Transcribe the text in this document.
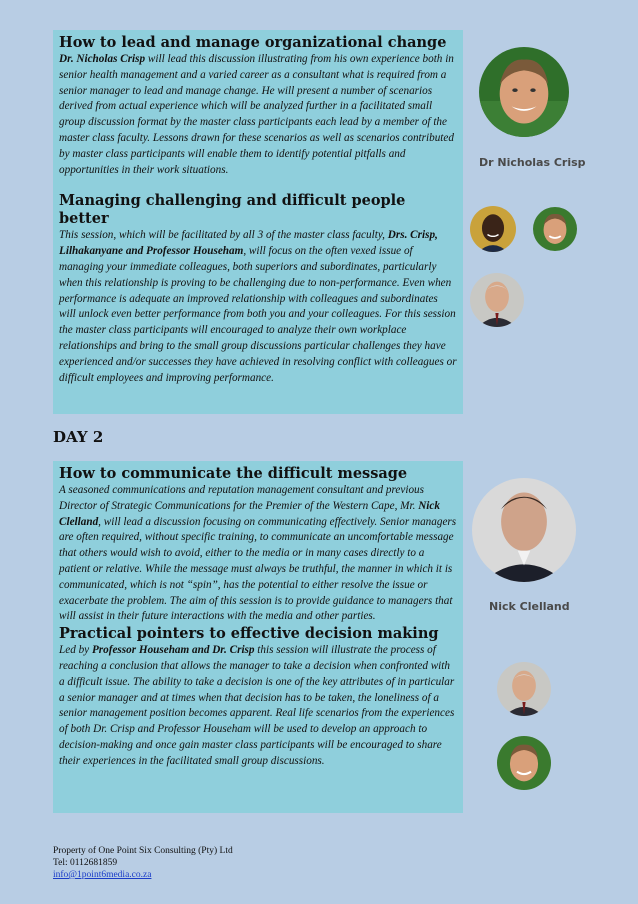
How to lead and manage organizational change

Dr. Nicholas Crisp will lead this discussion illustrating from his own experience both in senior health management and a varied career as a consultant what is required from a senior manager to lead and manage change. He will present a number of scenarios derived from actual experience which will be analyzed further in a facilitated small group discussion format by the master class participants each lead by a member of the master class faculty. Lessons drawn for these scenarios as well as scenarios contributed by master class participants will enable them to identify potential pitfalls and opportunities in their work situations.

Managing challenging and difficult people better

This session, which will be facilitated by all 3 of the master class faculty, Drs. Crisp, Lilhakanyane and Professor Househam, will focus on the often vexed issue of managing your immediate colleagues, both superiors and subordinates, particularly when this relationship is proving to be challenging due to non-performance. Even when performance is adequate an improved relationship with colleagues and subordinates will unlock even better performance from both you and your colleagues. For this session the master class participants will encouraged to analyze their own workplace relationships and bring to the small group discussions particular challenges they have experienced and/or successes they have achieved in resolving conflict with colleagues or difficult employees and improving performance.

DAY 2
How to communicate the difficult message

A seasoned communications and reputation management consultant and previous Director of Strategic Communications for the Premier of the Western Cape, Mr. Nick Clelland, will lead a discussion focusing on communicating effectively. Senior managers are often required, without specific training, to communicate an uncomfortable message that others would wish to avoid, either to the media or in many cases directly to a patient or relative. While the message must always be truthful, the manner in which it is communicated, which is not “spin”, has the potential to either resolve the issue or exacerbate the problem. The aim of this session is to provide guidance to managers that will assist in their future interactions with the media and other parties.

Practical pointers to effective decision making

Led by Professor Househam and Dr. Crisp this session will illustrate the process of reaching a conclusion that allows the manager to take a decision when confronted with a difficult issue. The ability to take a decision is one of the key attributes of in particular a senior manager and at times when that decision has to be taken, the loneliness of a senior management position becomes apparent. Real life scenarios from the experiences of both Dr. Crisp and Professor Househam will be used to develop an approach to decision-making and once gain master class participants will be encouraged to share their experiences in the facilitated small group discussions.

Dr Nicholas Crisp
Nick Clelland
Property of One Point Six Consulting (Pty) Ltd
Tel: 0112681859
info@1point6media.co.za
